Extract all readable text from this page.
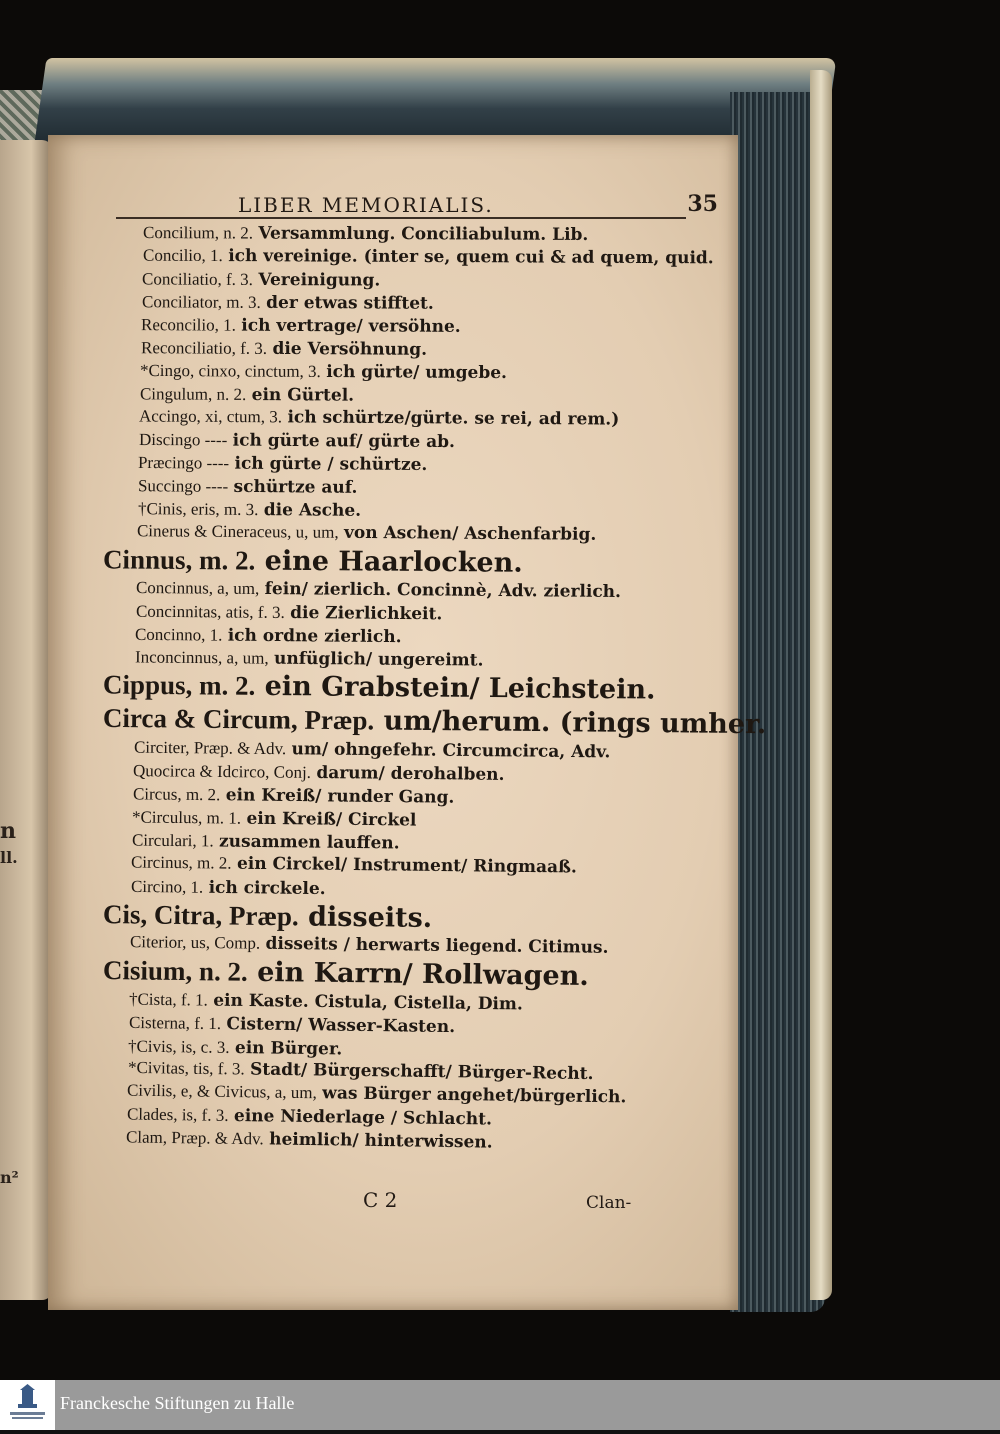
n
ll.
n²
LIBER MEMORIALIS.	35
Concilium, n. 2. Versammlung. Conciliabulum. Lib.
Concilio, 1. ich vereinige. (inter se, quem cui & ad quem, quid.
Conciliatio, f. 3. Vereinigung.
Conciliator, m. 3. der etwas stifftet.
Reconcilio, 1. ich vertrage/ versöhne.
Reconciliatio, f. 3. die Versöhnung.
*Cingo, cinxo, cinctum, 3. ich gürte/ umgebe.
Cingulum, n. 2. ein Gürtel.
Accingo, xi, ctum, 3. ich schürtze/gürte. se rei, ad rem.)
Discingo ---- ich gürte auf/ gürte ab.
Præcingo ---- ich gürte / schürtze.
Succingo ---- schürtze auf.
†Cinis, eris, m. 3. die Asche.
Cinerus & Cineraceus, u, um, von Aschen/ Aschenfarbig.
Cinnus, m. 2. eine Haarlocken.
Concinnus, a, um, fein/ zierlich. Concinnè, Adv. zierlich.
Concinnitas, atis, f. 3. die Zierlichkeit.
Concinno, 1. ich ordne zierlich.
Inconcinnus, a, um, unfüglich/ ungereimt.
Cippus, m. 2. ein Grabstein/ Leichstein.
Circa & Circum, Præp. um/herum. (rings umher.
Circiter, Præp. & Adv. um/ ohngefehr. Circumcirca, Adv.
Quocirca & Idcirco, Conj. darum/ derohalben.
Circus, m. 2. ein Kreiß/ runder Gang.
*Circulus, m. 1. ein Kreiß/ Circkel
Circulari, 1. zusammen lauffen.
Circinus, m. 2. ein Circkel/ Instrument/ Ringmaaß.
Circino, 1. ich circkele.
Cis, Citra, Præp. disseits.
Citerior, us, Comp. disseits / herwarts liegend. Citimus.
Cisium, n. 2. ein Karrn/ Rollwagen.
†Cista, f. 1. ein Kaste. Cistula, Cistella, Dim.
Cisterna, f. 1. Cistern/ Wasser-Kasten.
†Civis, is, c. 3. ein Bürger.
*Civitas, tis, f. 3. Stadt/ Bürgerschafft/ Bürger-Recht.
Civilis, e, & Civicus, a, um, was Bürger angehet/bürgerlich.
Clades, is, f. 3. eine Niederlage / Schlacht.
Clam, Præp. & Adv. heimlich/ hinterwissen.
C 2	Clan-
Franckesche Stiftungen zu Halle
